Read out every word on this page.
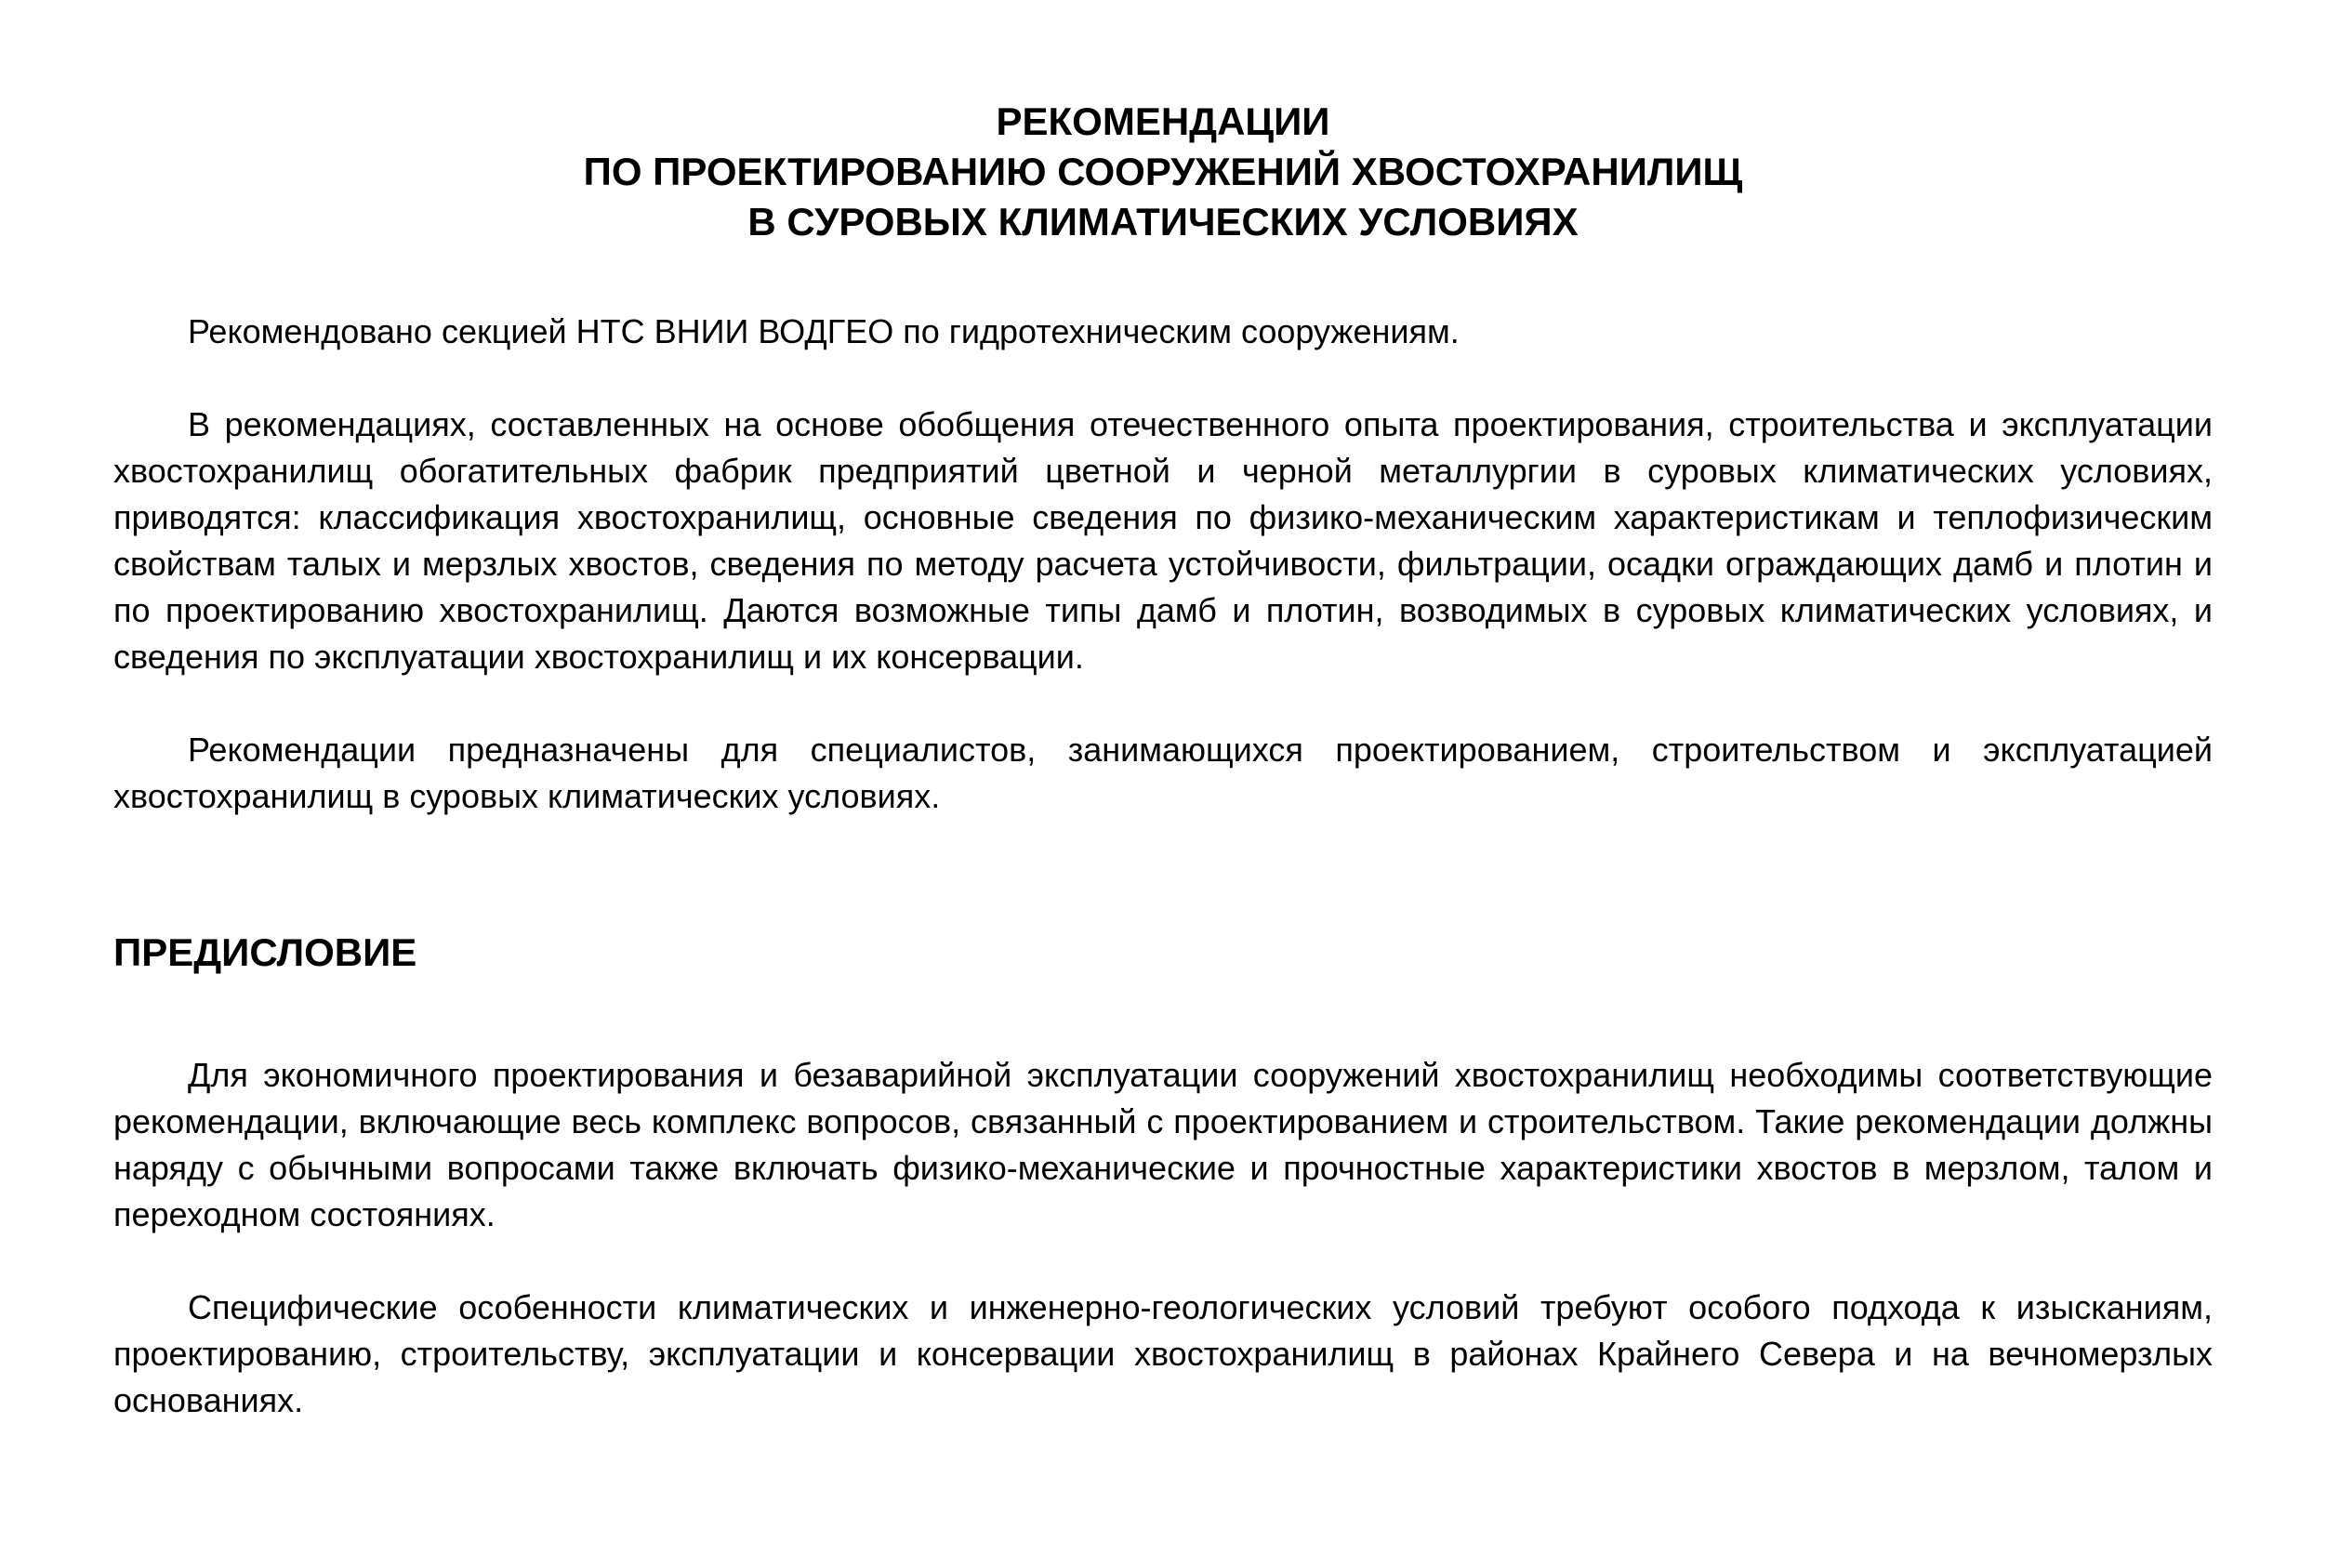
РЕКОМЕНДАЦИИ
ПО ПРОЕКТИРОВАНИЮ СООРУЖЕНИЙ ХВОСТОХРАНИЛИЩ
В СУРОВЫХ КЛИМАТИЧЕСКИХ УСЛОВИЯХ

Рекомендовано секцией НТС ВНИИ ВОДГЕО по гидротехническим сооружениям.

В рекомендациях, составленных на основе обобщения отечественного опыта проектирования, строительства и эксплуатации хвостохранилищ обогатительных фабрик предприятий цветной и черной металлургии в суровых климатических условиях, приводятся: классификация хвостохранилищ, основные сведения по физико-механическим характеристикам и теплофизическим свойствам талых и мерзлых хвостов, сведения по методу расчета устойчивости, фильтрации, осадки ограждающих дамб и плотин и по проектированию хвостохранилищ. Даются возможные типы дамб и плотин, возводимых в суровых климатических условиях, и сведения по эксплуатации хвостохранилищ и их консервации.

Рекомендации предназначены для специалистов, занимающихся проектированием, строительством и эксплуатацией хвостохранилищ в суровых климатических условиях.

ПРЕДИСЛОВИЕ

Для экономичного проектирования и безаварийной эксплуатации сооружений хвостохранилищ необходимы соответствующие рекомендации, включающие весь комплекс вопросов, связанный с проектированием и строительством. Такие рекомендации должны наряду с обычными вопросами также включать физико-механические и прочностные характеристики хвостов в мерзлом, талом и переходном состояниях.

Специфические особенности климатических и инженерно-геологических условий требуют особого подхода к изысканиям, проектированию, строительству, эксплуатации и консервации хвостохранилищ в районах Крайнего Севера и на вечномерзлых основаниях.
